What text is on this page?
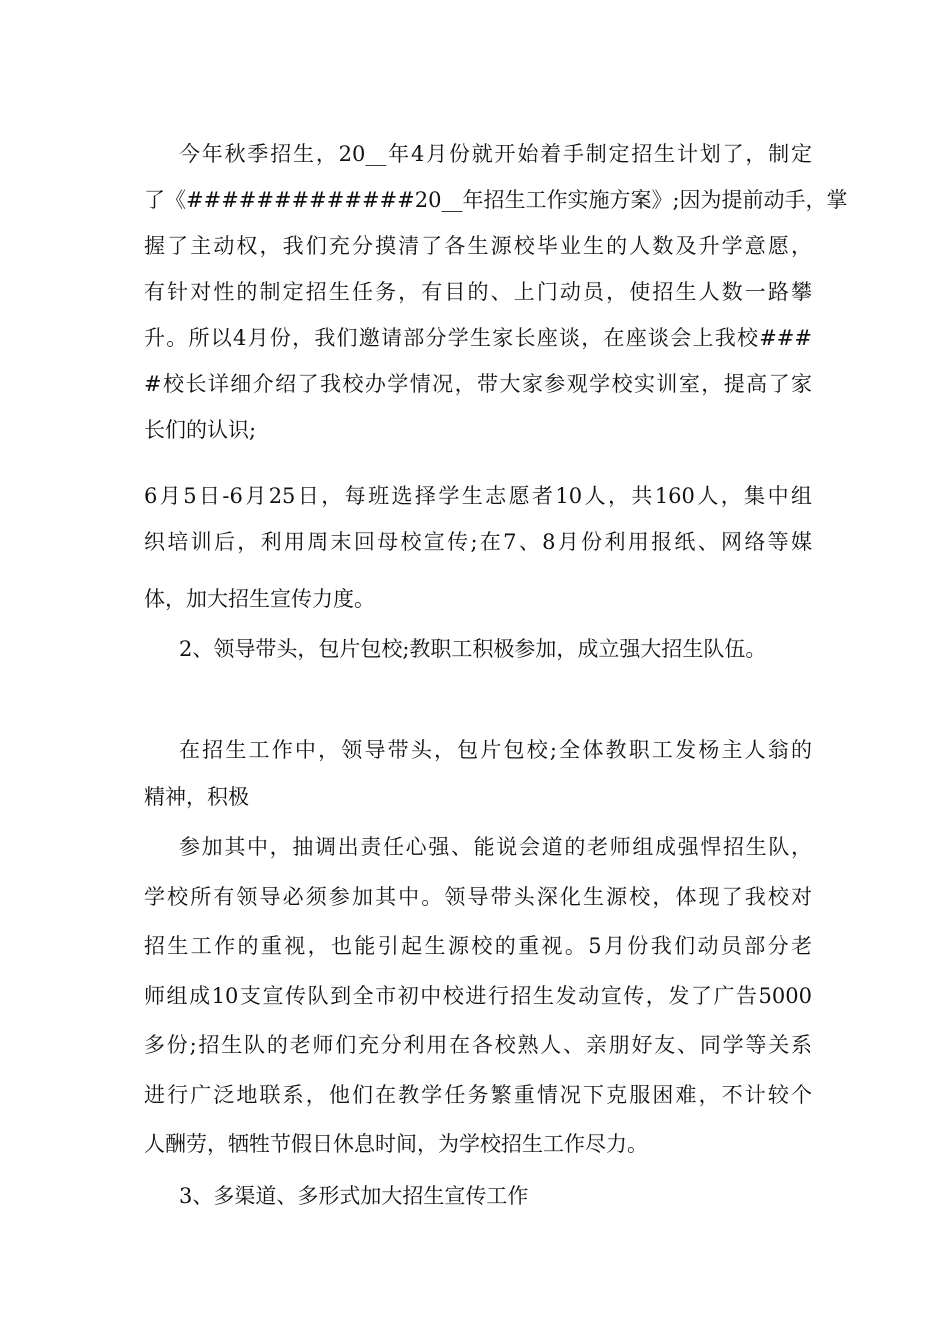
今年秋季招生，20__年4月份就开始着手制定招生计划了，制定
了《#############20__年招生工作实施方案》;因为提前动手，掌
握了主动权，我们充分摸清了各生源校毕业生的人数及升学意愿，
有针对性的制定招生任务，有目的、上门动员，使招生人数一路攀
升。所以4月份，我们邀请部分学生家长座谈，在座谈会上我校###
#校长详细介绍了我校办学情况，带大家参观学校实训室，提高了家
长们的认识;
6月5日-6月25日，每班选择学生志愿者10人，共160人，集中组
织培训后，利用周末回母校宣传;在7、8月份利用报纸、网络等媒
体，加大招生宣传力度。
2、领导带头，包片包校;教职工积极参加，成立强大招生队伍。
在招生工作中，领导带头，包片包校;全体教职工发杨主人翁的
精神，积极
参加其中，抽调出责任心强、能说会道的老师组成强悍招生队，
学校所有领导必须参加其中。领导带头深化生源校，体现了我校对
招生工作的重视，也能引起生源校的重视。5月份我们动员部分老
师组成10支宣传队到全市初中校进行招生发动宣传，发了广告5000
多份;招生队的老师们充分利用在各校熟人、亲朋好友、同学等关系
进行广泛地联系，他们在教学任务繁重情况下克服困难，不计较个
人酬劳，牺牲节假日休息时间，为学校招生工作尽力。
3、多渠道、多形式加大招生宣传工作
